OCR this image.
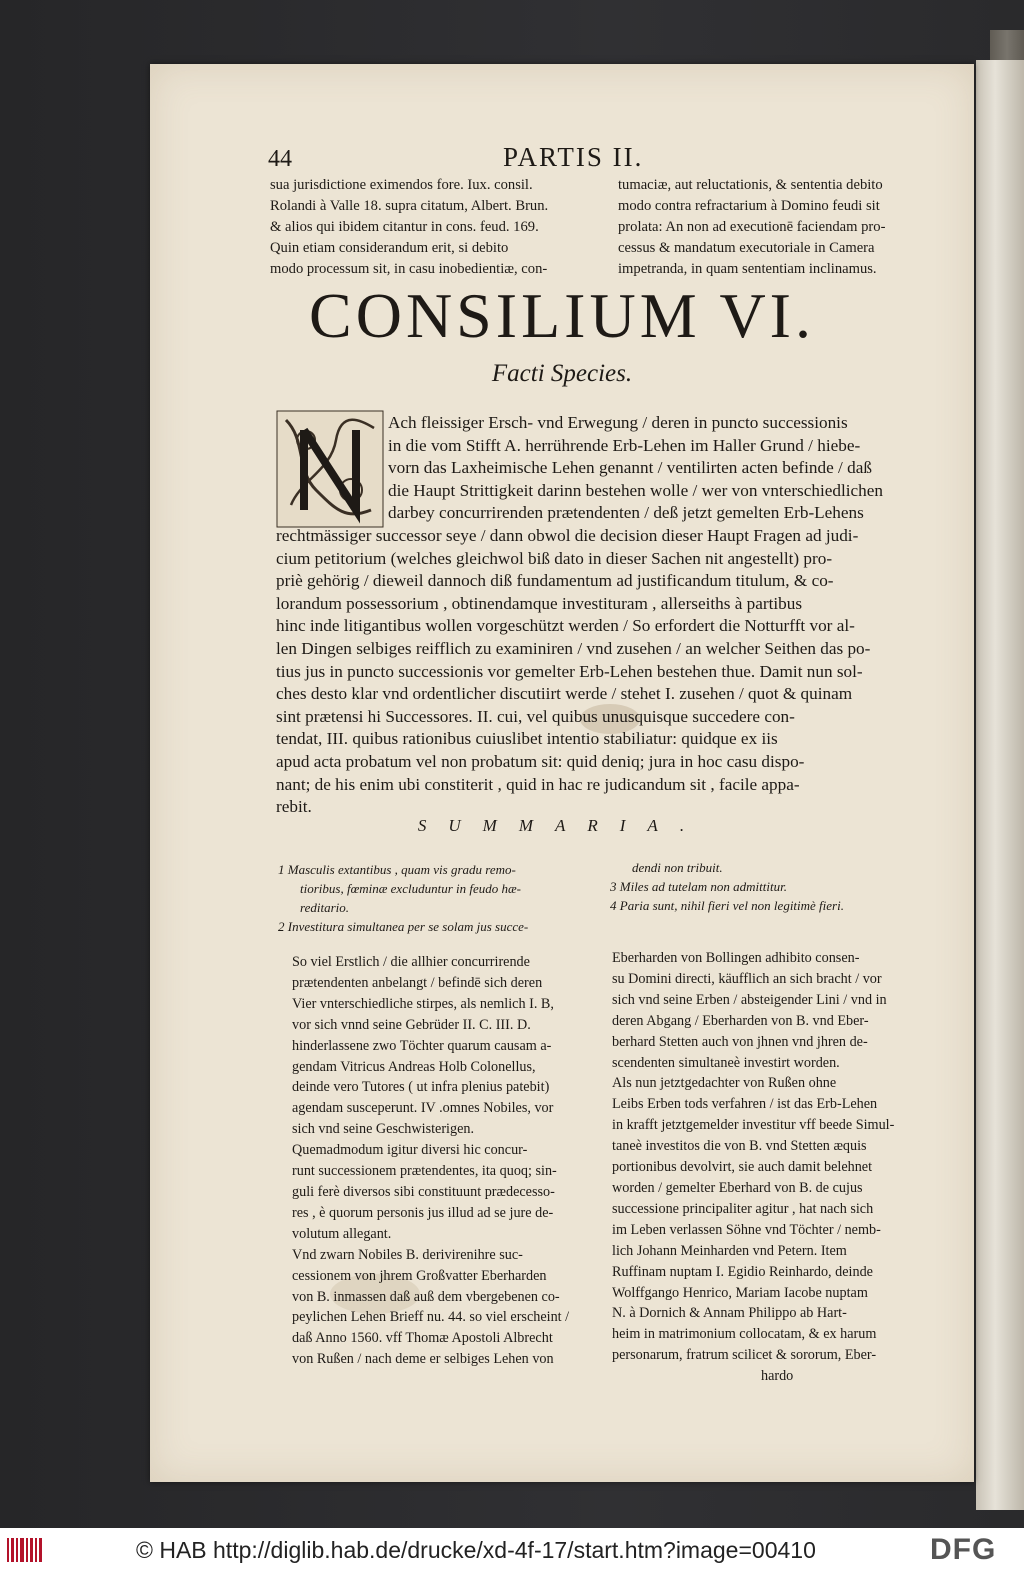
44	PARTIS II.
sua jurisdictione eximendos fore. Iux. consil.
Rolandi à Valle 18. supra citatum, Albert. Brun.
& alios qui ibidem citantur in cons. feud. 169.
Quin etiam considerandum erit, si debito
modo processum sit, in casu inobedientiæ, con-
tumaciæ, aut reluctationis, & sententia debito
modo contra refractarium à Domino feudi sit
prolata: An non ad executionē faciendam pro-
cessus & mandatum executoriale in Camera
impetranda, in quam sententiam inclinamus.
CONSILIUM VI.
Facti Species.
Ach fleissiger Ersch- vnd Erwegung / deren in puncto successionis
in die vom Stifft A. herrührende Erb-Lehen im Haller Grund / hiebe-
vorn das Laxheimische Lehen genannt / ventilirten acten befinde / daß
die Haupt Strittigkeit darinn bestehen wolle / wer von vnterschiedlichen
darbey concurrirenden prætendenten / deß jetzt gemelten Erb-Lehens
rechtmässiger successor seye / dann obwol die decision dieser Haupt Fragen ad judi-
cium petitorium (welches gleichwol biß dato in dieser Sachen nit angestellt) pro-
priè gehörig / dieweil dannoch diß fundamentum ad justificandum titulum, & co-
lorandum possessorium , obtinendamque investituram , allerseiths à partibus
hinc inde litigantibus wollen vorgeschützt werden / So erfordert die Notturfft vor al-
len Dingen selbiges reifflich zu examiniren / vnd zusehen / an welcher Seithen das po-
tius jus in puncto successionis vor gemelter Erb-Lehen bestehen thue. Damit nun sol-
ches desto klar vnd ordentlicher discutiirt werde / stehet I. zusehen / quot & quinam
sint prætensi hi Successores. II. cui, vel quibus unusquisque succedere con-
tendat, III. quibus rationibus cuiuslibet intentio stabiliatur: quidque ex iis
apud acta probatum vel non probatum sit: quid deniq; jura in hoc casu dispo-
nant; de his enim ubi constiterit , quid in hac re judicandum sit , facile appa-
rebit.
SUMMARIA.
1 Masculis extantibus , quam vis gradu remo-
tioribus, fœminæ excluduntur in feudo hæ-
reditario.
2 Investitura simultanea per se solam jus succe-
dendi non tribuit.
3 Miles ad tutelam non admittitur.
4 Paria sunt, nihil fieri vel non legitimè fieri.
So viel Erstlich / die allhier concurrirende
prætendenten anbelangt / befindē sich deren
Vier vnterschiedliche stirpes, als nemlich I. B,
vor sich vnnd seine Gebrüder II. C. III. D.
hinderlassene zwo Töchter quarum causam a-
gendam Vitricus Andreas Holb Colonellus,
deinde vero Tutores ( ut infra plenius patebit)
agendam susceperunt. IV .omnes Nobiles, vor
sich vnd seine Geschwisterigen.
Quemadmodum igitur diversi hic concur-
runt successionem prætendentes, ita quoq; sin-
guli ferè diversos sibi constituunt prædecesso-
res , è quorum personis jus illud ad se jure de-
volutum allegant.
Vnd zwarn Nobiles B. derivirenihre suc-
cessionem von jhrem Großvatter Eberharden
von B. inmassen daß auß dem vbergebenen co-
peylichen Lehen Brieff nu. 44. so viel erscheint /
daß Anno 1560. vff Thomæ Apostoli Albrecht
von Rußen / nach deme er selbiges Lehen von
Eberharden von Bollingen adhibito consen-
su Domini directi, käufflich an sich bracht / vor
sich vnd seine Erben / absteigender Lini / vnd in
deren Abgang / Eberharden von B. vnd Eber-
berhard Stetten auch von jhnen vnd jhren de-
scendenten simultaneè investirt worden.
Als nun jetztgedachter von Rußen ohne
Leibs Erben tods verfahren / ist das Erb-Lehen
in krafft jetztgemelder investitur vff beede Simul-
taneè investitos die von B. vnd Stetten æquis
portionibus devolvirt, sie auch damit belehnet
worden / gemelter Eberhard von B. de cujus
successione principaliter agitur , hat nach sich
im Leben verlassen Söhne vnd Töchter / nemb-
lich Johann Meinharden vnd Petern. Item
Ruffinam nuptam I. Egidio Reinhardo, deinde
Wolffgango Henrico, Mariam Iacobe nuptam
N. à Dornich & Annam Philippo ab Hart-
heim in matrimonium collocatam, & ex harum
personarum, fratrum scilicet & sororum, Eber-
hardo
© HAB http://diglib.hab.de/drucke/xd-4f-17/start.htm?image=00410	DFG
